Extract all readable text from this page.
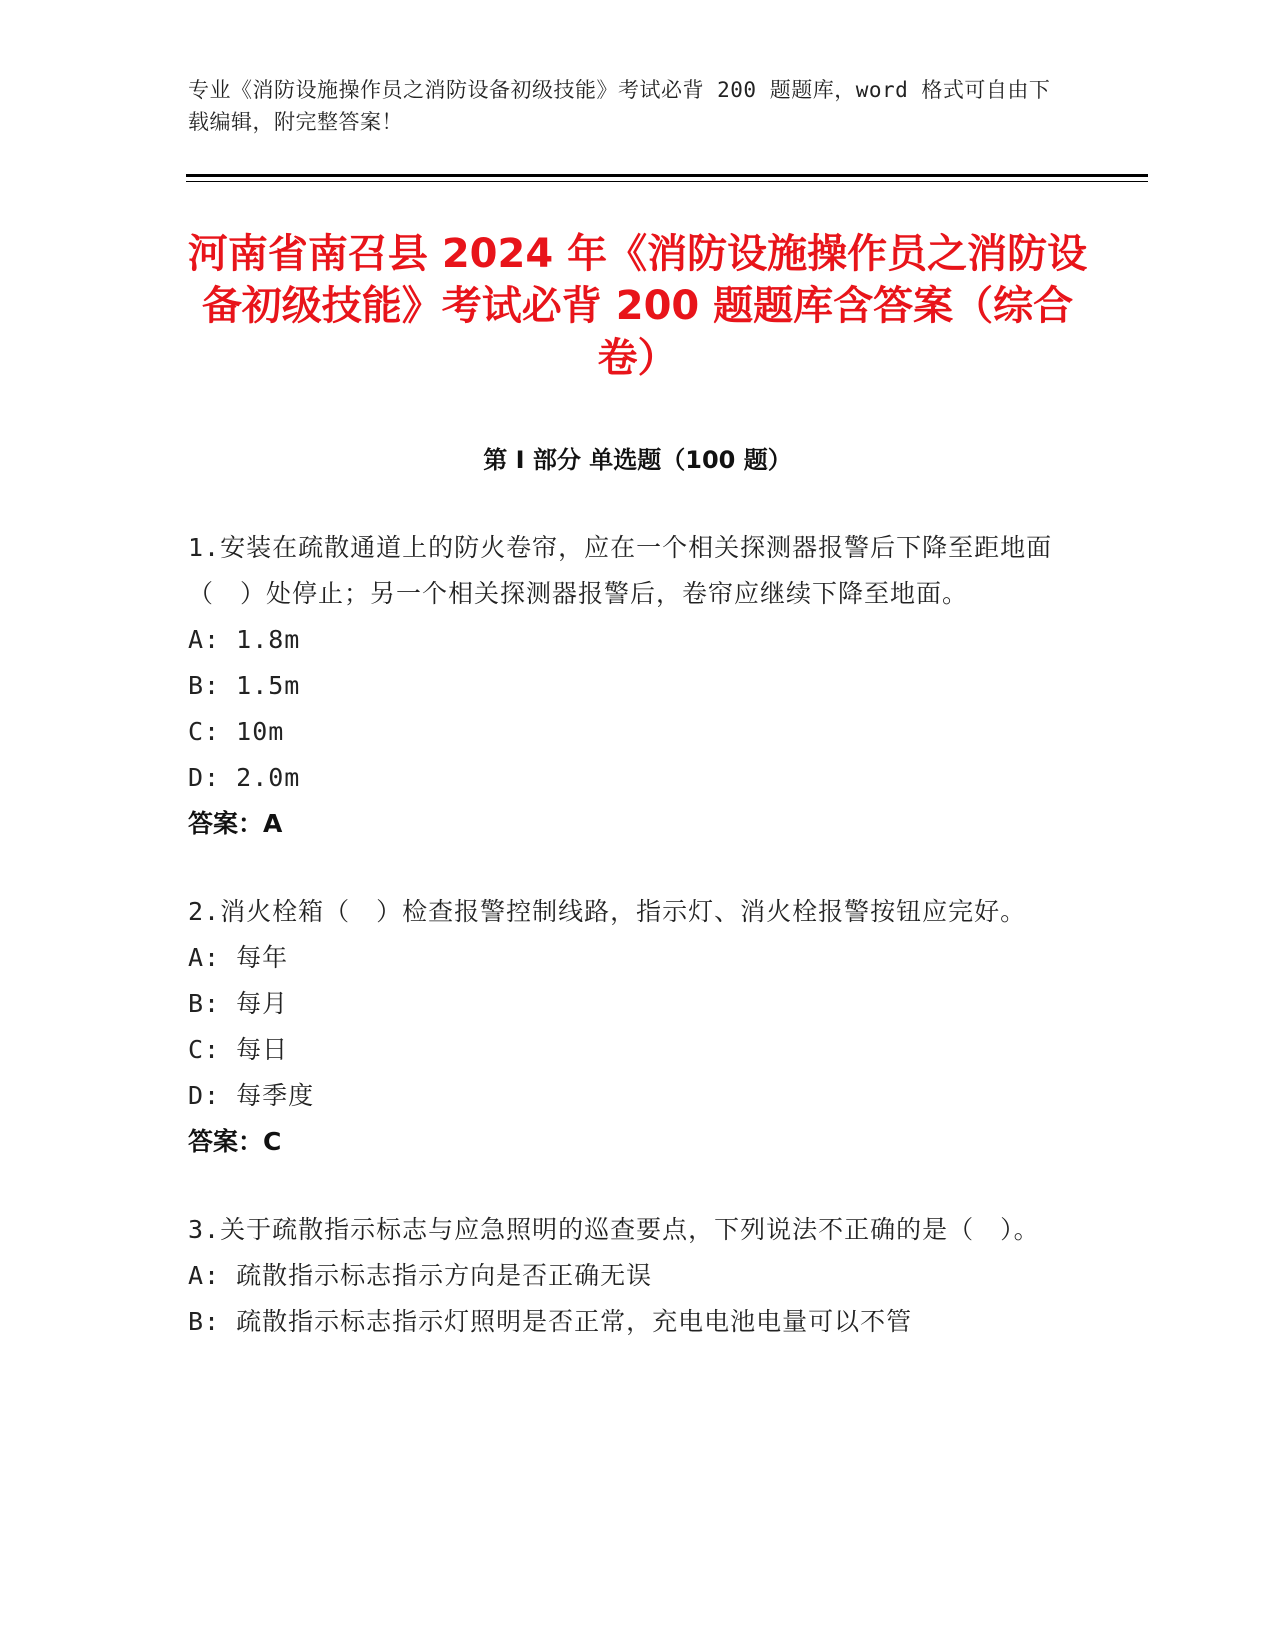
专业《消防设施操作员之消防设备初级技能》考试必背 200 题题库，word 格式可自由下载编辑，附完整答案！
河南省南召县 2024 年《消防设施操作员之消防设备初级技能》考试必背 200 题题库含答案（综合卷）
第 I 部分 单选题（100 题）
1.安装在疏散通道上的防火卷帘，应在一个相关探测器报警后下降至距地面（　）处停止；另一个相关探测器报警后，卷帘应继续下降至地面。
A: 1.8m
B: 1.5m
C: 10m
D: 2.0m
答案：A
2.消火栓箱（　）检查报警控制线路，指示灯、消火栓报警按钮应完好。
A: 每年
B: 每月
C: 每日
D: 每季度
答案：C
3.关于疏散指示标志与应急照明的巡查要点，下列说法不正确的是（　）。
A: 疏散指示标志指示方向是否正确无误
B: 疏散指示标志指示灯照明是否正常，充电电池电量可以不管
